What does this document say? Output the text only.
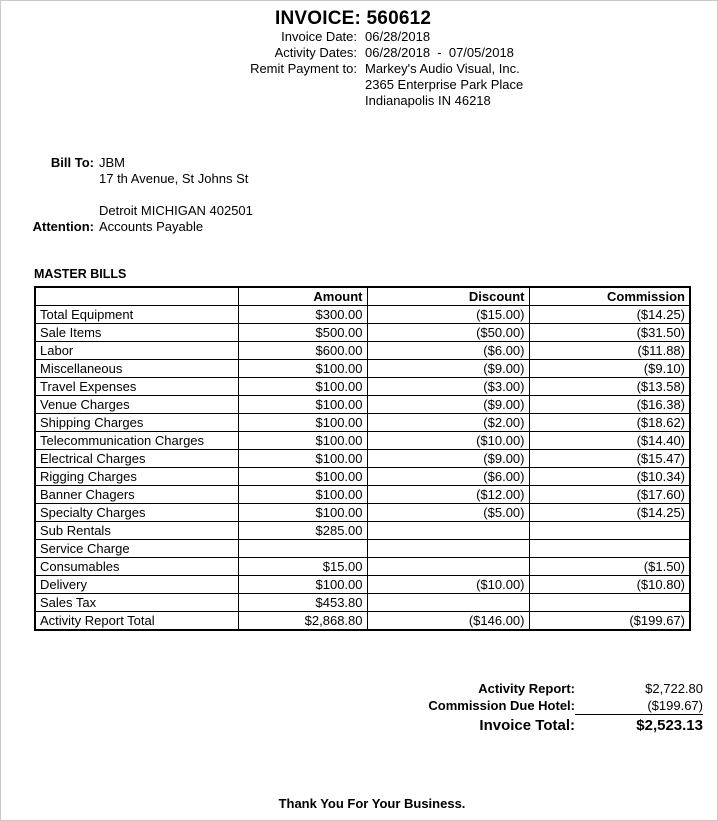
INVOICE: 560612
Invoice Date: 06/28/2018
Activity Dates: 06/28/2018  -  07/05/2018
Remit Payment to: Markey's Audio Visual, Inc.
2365 Enterprise Park Place
Indianapolis IN 46218
Bill To: JBM
17 th Avenue, St Johns St
Detroit MICHIGAN 402501
Attention: Accounts Payable
MASTER BILLS
	Amount	Discount	Commission
Total Equipment	$300.00	($15.00)	($14.25)
Sale Items	$500.00	($50.00)	($31.50)
Labor	$600.00	($6.00)	($11.88)
Miscellaneous	$100.00	($9.00)	($9.10)
Travel Expenses	$100.00	($3.00)	($13.58)
Venue Charges	$100.00	($9.00)	($16.38)
Shipping Charges	$100.00	($2.00)	($18.62)
Telecommunication Charges	$100.00	($10.00)	($14.40)
Electrical Charges	$100.00	($9.00)	($15.47)
Rigging Charges	$100.00	($6.00)	($10.34)
Banner Chagers	$100.00	($12.00)	($17.60)
Specialty Charges	$100.00	($5.00)	($14.25)
Sub Rentals	$285.00		
Service Charge			
Consumables	$15.00		($1.50)
Delivery	$100.00	($10.00)	($10.80)
Sales Tax	$453.80		
Activity Report Total	$2,868.80	($146.00)	($199.67)
Activity Report:	$2,722.80
Commission Due Hotel:	($199.67)
Invoice Total:	$2,523.13
Thank You For Your Business.
